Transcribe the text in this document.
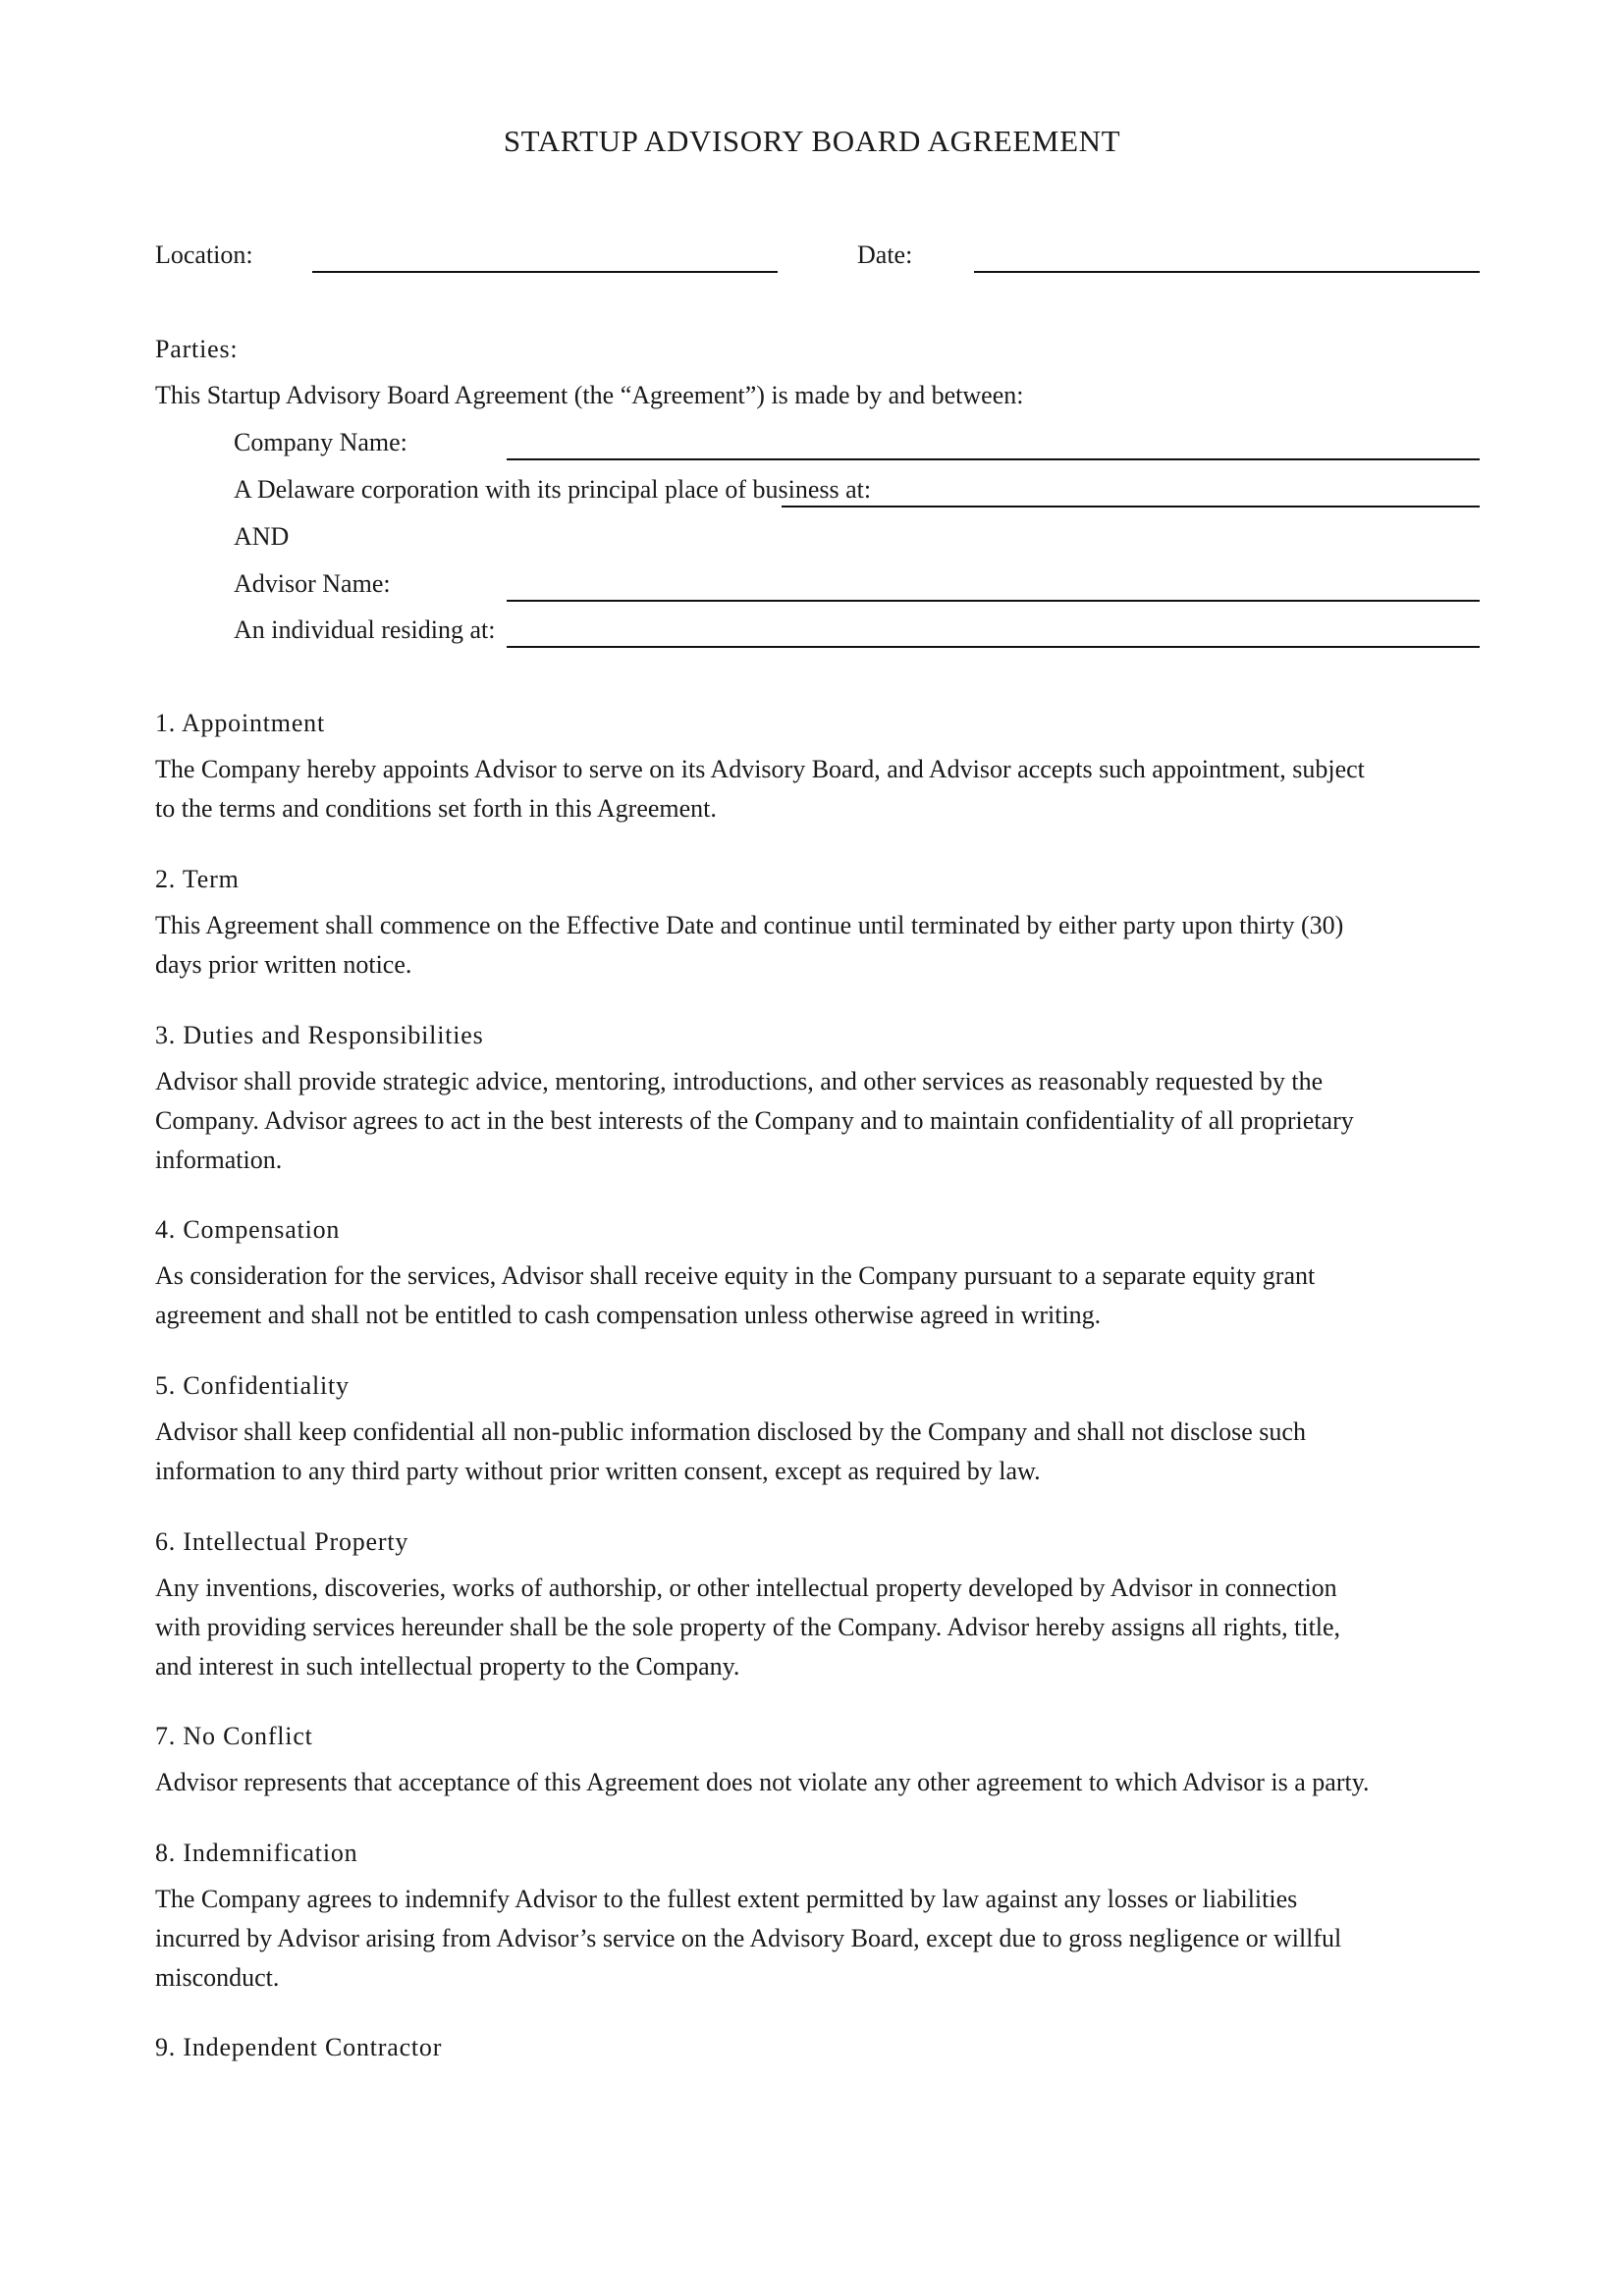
STARTUP ADVISORY BOARD AGREEMENT
Location:	Date:
Parties:
This Startup Advisory Board Agreement (the “Agreement”) is made by and between:
Company Name:
A Delaware corporation with its principal place of business at:
AND
Advisor Name:
An individual residing at:
1. Appointment
The Company hereby appoints Advisor to serve on its Advisory Board, and Advisor accepts such appointment, subject
to the terms and conditions set forth in this Agreement.
2. Term
This Agreement shall commence on the Effective Date and continue until terminated by either party upon thirty (30)
days prior written notice.
3. Duties and Responsibilities
Advisor shall provide strategic advice, mentoring, introductions, and other services as reasonably requested by the
Company. Advisor agrees to act in the best interests of the Company and to maintain confidentiality of all proprietary
information.
4. Compensation
As consideration for the services, Advisor shall receive equity in the Company pursuant to a separate equity grant
agreement and shall not be entitled to cash compensation unless otherwise agreed in writing.
5. Confidentiality
Advisor shall keep confidential all non-public information disclosed by the Company and shall not disclose such
information to any third party without prior written consent, except as required by law.
6. Intellectual Property
Any inventions, discoveries, works of authorship, or other intellectual property developed by Advisor in connection
with providing services hereunder shall be the sole property of the Company. Advisor hereby assigns all rights, title,
and interest in such intellectual property to the Company.
7. No Conflict
Advisor represents that acceptance of this Agreement does not violate any other agreement to which Advisor is a party.
8. Indemnification
The Company agrees to indemnify Advisor to the fullest extent permitted by law against any losses or liabilities
incurred by Advisor arising from Advisor’s service on the Advisory Board, except due to gross negligence or willful
misconduct.
9. Independent Contractor
